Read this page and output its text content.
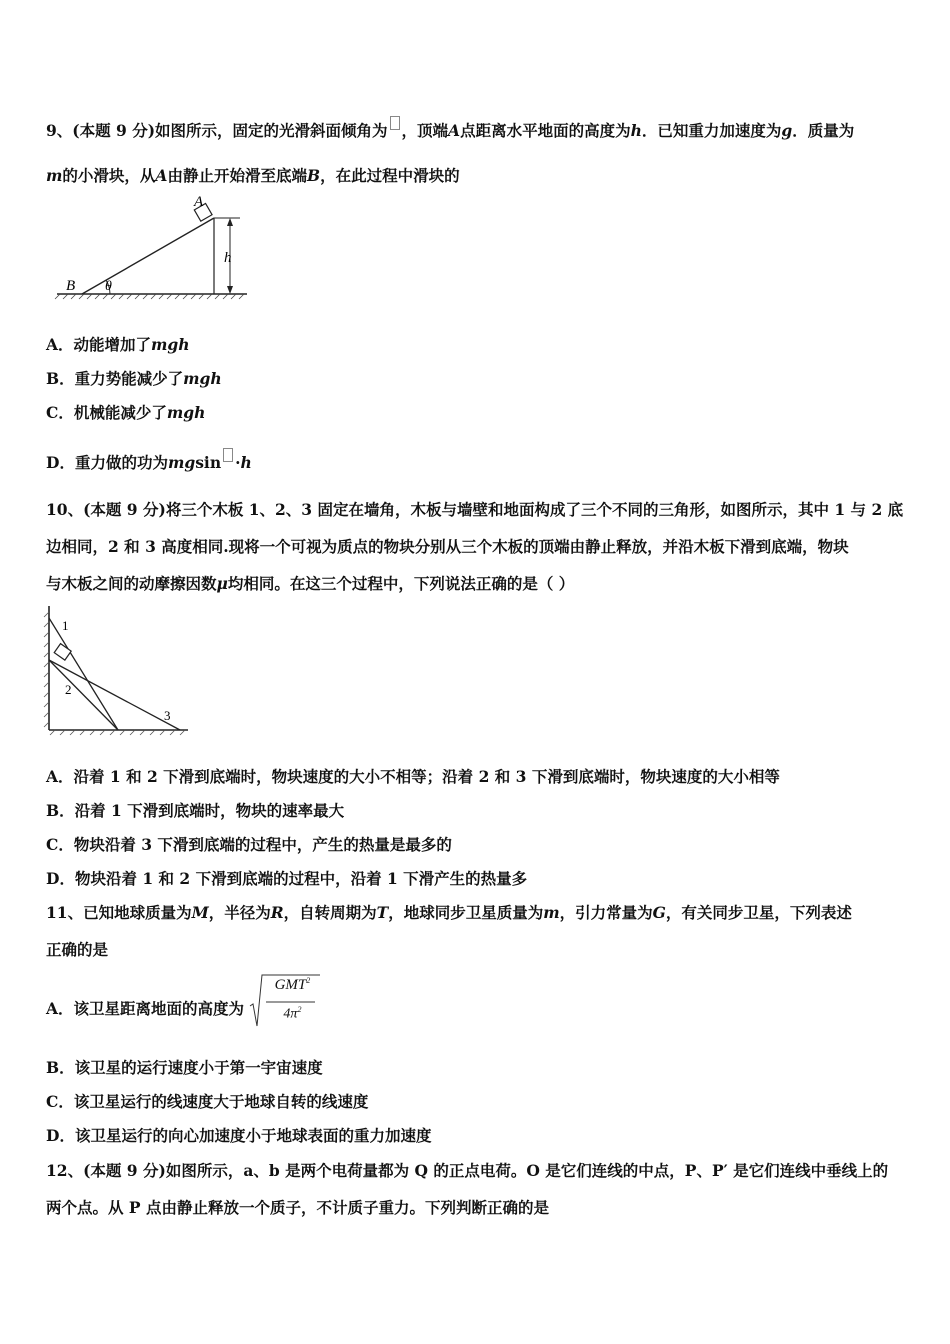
9、(本题 9 分)如图所示，固定的光滑斜面倾角为 ，顶端A点距离水平地面的高度为h．已知重力加速度为g．质量为
m的小滑块，从A由静止开始滑至底端B，在此过程中滑块的
A
B θ
h
A．动能增加了mgh
B．重力势能减少了mgh
C．机械能减少了mgh
D．重力做的功为mgsin ·h
10、(本题 9 分)将三个木板 1、2、3 固定在墙角，木板与墙壁和地面构成了三个不同的三角形，如图所示，其中 1 与 2 底
边相同，2 和 3 高度相同.现将一个可视为质点的物块分别从三个木板的顶端由静止释放，并沿木板下滑到底端，物块
与木板之间的动摩擦因数μ均相同。在这三个过程中，下列说法正确的是（ ）
1
2
3
A．沿着 1 和 2 下滑到底端时，物块速度的大小不相等；沿着 2 和 3 下滑到底端时，物块速度的大小相等
B．沿着 1 下滑到底端时，物块的速率最大
C．物块沿着 3 下滑到底端的过程中，产生的热量是最多的
D．物块沿着 1 和 2 下滑到底端的过程中，沿着 1 下滑产生的热量多
11、已知地球质量为M，半径为R，自转周期为T，地球同步卫星质量为m，引力常量为G，有关同步卫星，下列表述
正确的是
A．该卫星距离地面的高度为
GMT$^2$
$4\pi^2$
B．该卫星的运行速度小于第一宇宙速度
C．该卫星运行的线速度大于地球自转的线速度
D．该卫星运行的向心加速度小于地球表面的重力加速度
12、(本题 9 分)如图所示，a、b 是两个电荷量都为 Q 的正点电荷。O 是它们连线的中点，P、P′ 是它们连线中垂线上的
两个点。从 P 点由静止释放一个质子，不计质子重力。下列判断正确的是
